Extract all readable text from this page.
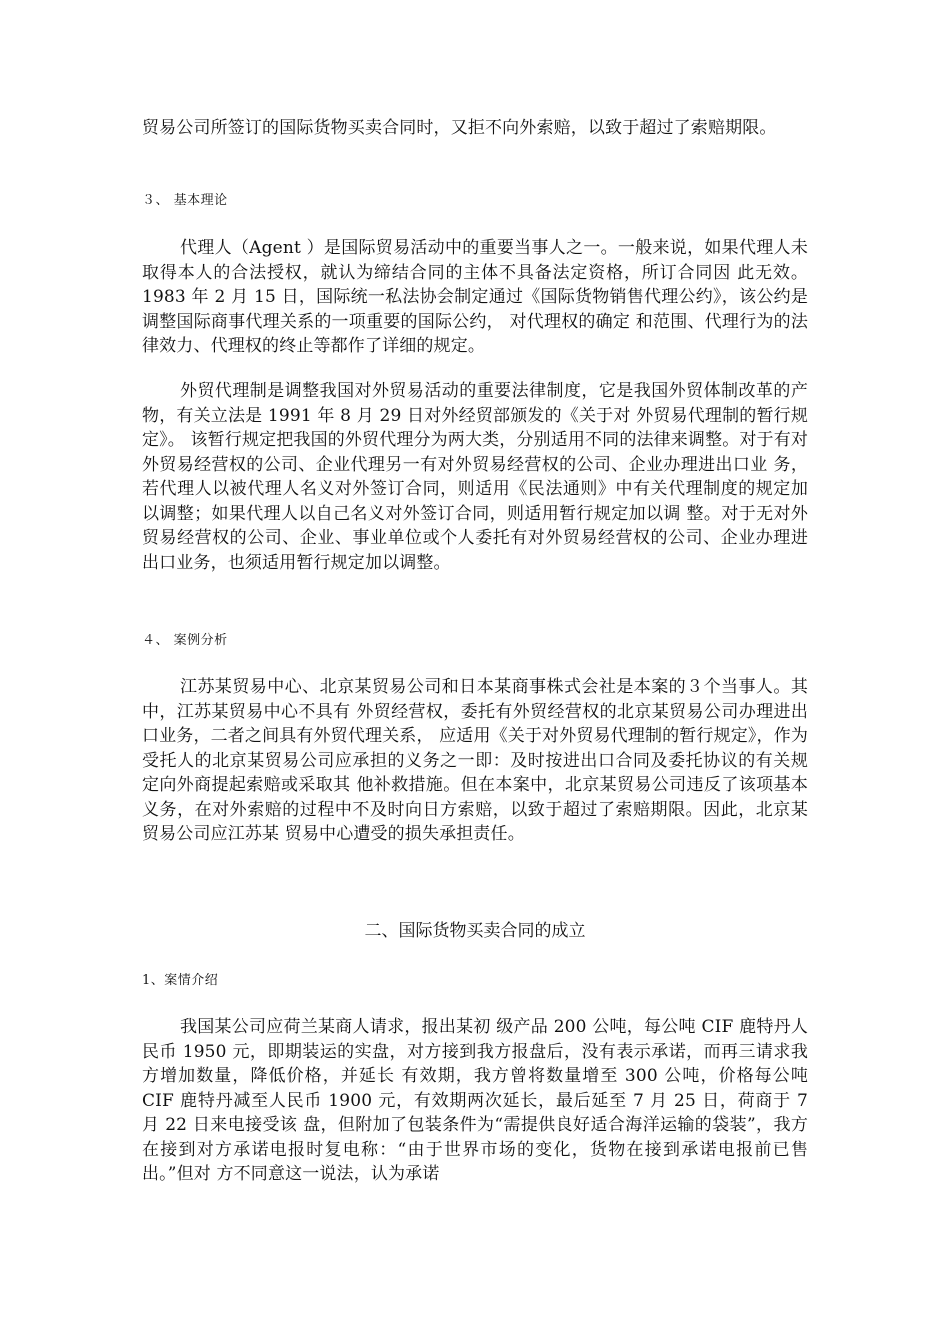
贸易公司所签订的国际货物买卖合同时，又拒不向外索赔，以致于超过了索赔期限。

３、 基本理论

代理人（Agent ）是国际贸易活动中的重要当事人之一。一般来说，如果代理人未取得本人的合法授权，就认为缔结合同的主体不具备法定资格，所订合同因 此无效。1983 年 2 月 15 日，国际统一私法协会制定通过《国际货物销售代理公约》，该公约是调整国际商事代理关系的一项重要的国际公约， 对代理权的确定 和范围、代理行为的法律效力、代理权的终止等都作了详细的规定。

外贸代理制是调整我国对外贸易活动的重要法律制度，它是我国外贸体制改革的产物，有关立法是 1991 年 8 月 29 日对外经贸部颁发的《关于对 外贸易代理制的暂行规定》。 该暂行规定把我国的外贸代理分为两大类，分别适用不同的法律来调整。对于有对外贸易经营权的公司、企业代理另一有对外贸易经营权的公司、企业办理进出口业 务，若代理人以被代理人名义对外签订合同，则适用《民法通则》中有关代理制度的规定加以调整；如果代理人以自己名义对外签订合同，则适用暂行规定加以调 整。对于无对外贸易经营权的公司、企业、事业单位或个人委托有对外贸易经营权的公司、企业办理进出口业务，也须适用暂行规定加以调整。

４、 案例分析

江苏某贸易中心、北京某贸易公司和日本某商事株式会社是本案的３个当事人。其中，江苏某贸易中心不具有 外贸经营权，委托有外贸经营权的北京某贸易公司办理进出口业务，二者之间具有外贸代理关系， 应适用《关于对外贸易代理制的暂行规定》，作为受托人的北京某贸易公司应承担的义务之一即：及时按进出口合同及委托协议的有关规定向外商提起索赔或采取其 他补救措施。但在本案中，北京某贸易公司违反了该项基本义务，在对外索赔的过程中不及时向日方索赔，以致于超过了索赔期限。因此，北京某贸易公司应江苏某 贸易中心遭受的损失承担责任。

二、国际货物买卖合同的成立

1、案情介绍

我国某公司应荷兰某商人请求，报出某初 级产品 200 公吨，每公吨 CIF 鹿特丹人民币 1950 元，即期装运的实盘，对方接到我方报盘后，没有表示承诺，而再三请求我方增加数量，降低价格，并延长 有效期，我方曾将数量增至 300 公吨，价格每公吨 CIF 鹿特丹减至人民币 1900 元，有效期两次延长，最后延至 7 月 25 日，荷商于 7 月 22 日来电接受该 盘，但附加了包装条件为“需提供良好适合海洋运输的袋装”，我方在接到对方承诺电报时复电称：“由于世界市场的变化，货物在接到承诺电报前已售出。”但对 方不同意这一说法，认为承诺
